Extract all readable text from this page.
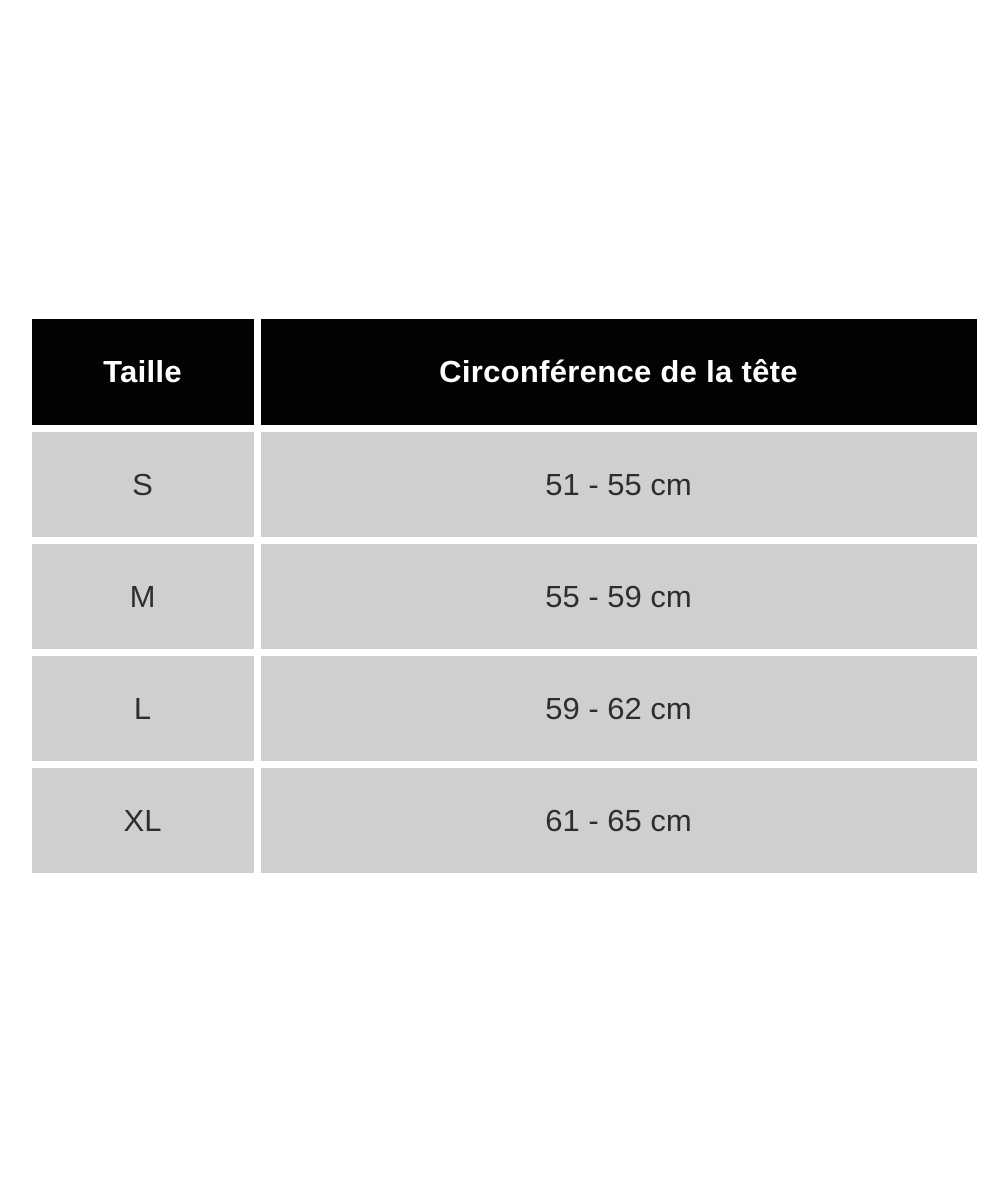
Taille	Circonférence de la tête
S	51 - 55 cm
M	55 - 59 cm
L	59 - 62 cm
XL	61 - 65 cm
